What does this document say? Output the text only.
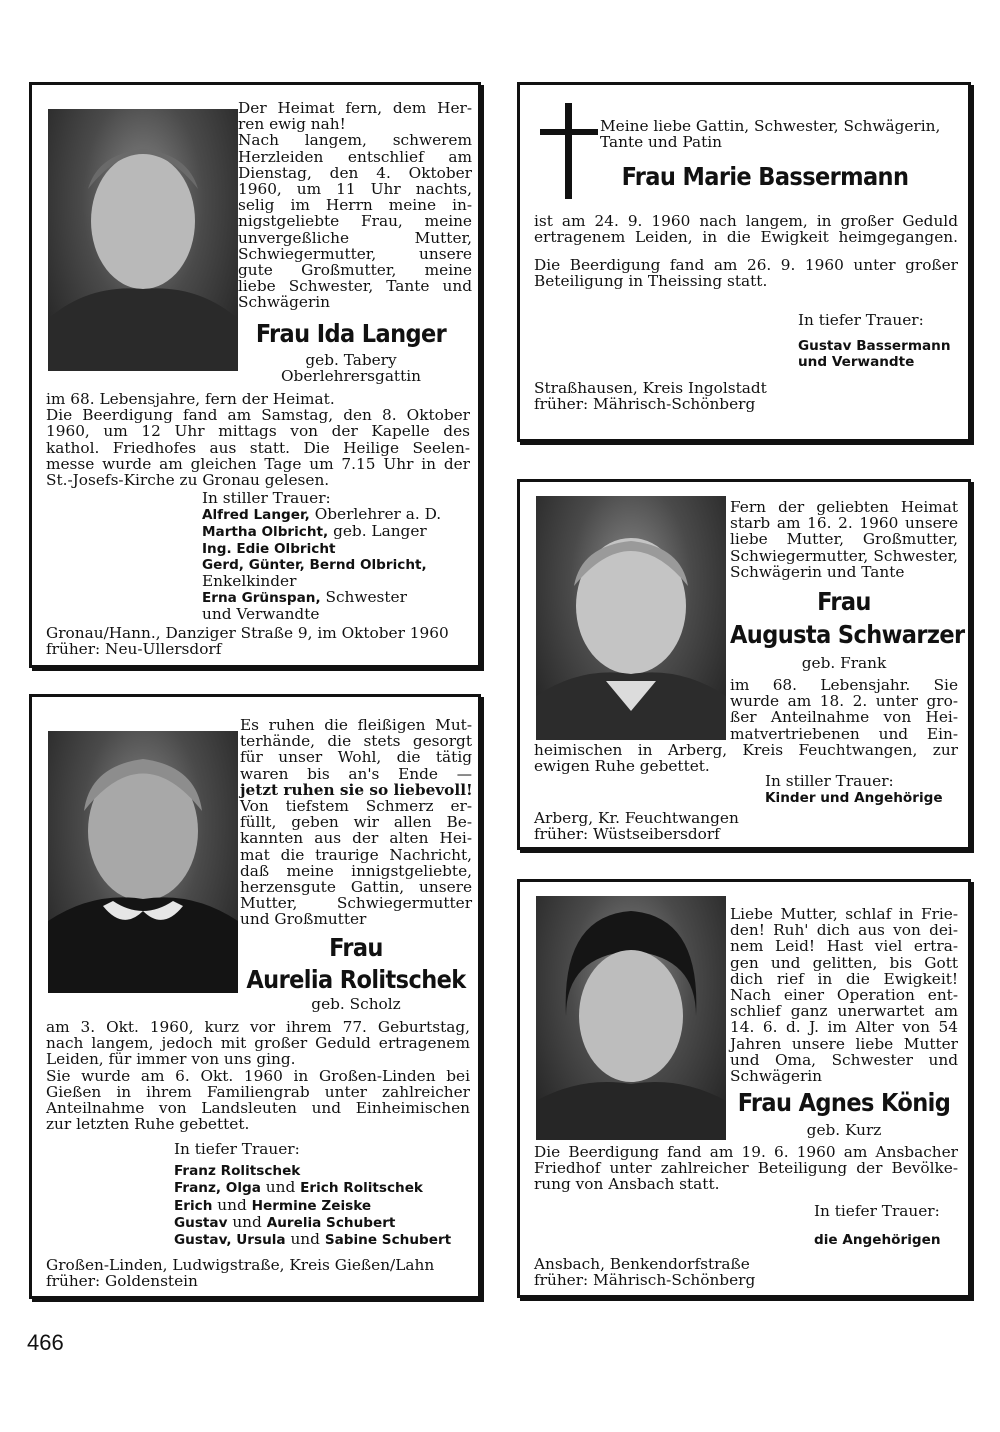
Der Heimat fern, dem Her-
ren ewig nah!
Nach langem, schwerem
Herzleiden entschlief am
Dienstag, den 4. Oktober
1960, um 11 Uhr nachts,
selig im Herrn meine in-
nigstgeliebte Frau, meine
unvergeßliche Mutter,
Schwiegermutter, unsere
gute Großmutter, meine
liebe Schwester, Tante und
Schwägerin
Frau Ida Langer
geb. Tabery
Oberlehrersgattin
im 68. Lebensjahre, fern der Heimat.
Die Beerdigung fand am Samstag, den 8. Oktober
1960, um 12 Uhr mittags von der Kapelle des
kathol. Friedhofes aus statt. Die Heilige Seelen-
messe wurde am gleichen Tage um 7.15 Uhr in der
St.-Josefs-Kirche zu Gronau gelesen.
In stiller Trauer:
Alfred Langer, Oberlehrer a. D.
Martha Olbricht, geb. Langer
Ing. Edie Olbricht
Gerd, Günter, Bernd Olbricht,
Enkelkinder
Erna Grünspan, Schwester
und Verwandte
Gronau/Hann., Danziger Straße 9, im Oktober 1960
früher: Neu-Ullersdorf
Meine liebe Gattin, Schwester, Schwägerin,
Tante und Patin
Frau Marie Bassermann
ist am 24. 9. 1960 nach langem, in großer Geduld
ertragenem Leiden, in die Ewigkeit heimgegangen.
Die Beerdigung fand am 26. 9. 1960 unter großer
Beteiligung in Theissing statt.
In tiefer Trauer:
Gustav Bassermann
und Verwandte
Straßhausen, Kreis Ingolstadt
früher: Mährisch-Schönberg
Fern der geliebten Heimat
starb am 16. 2. 1960 unsere
liebe Mutter, Großmutter,
Schwiegermutter, Schwester,
Schwägerin und Tante
Frau
Augusta Schwarzer
geb. Frank
im 68. Lebensjahr. Sie
wurde am 18. 2. unter gro-
ßer Anteilnahme von Hei-
matvertriebenen und Ein-
heimischen in Arberg, Kreis Feuchtwangen, zur
ewigen Ruhe gebettet.
In stiller Trauer:
Kinder und Angehörige
Arberg, Kr. Feuchtwangen
früher: Wüstseibersdorf
Es ruhen die fleißigen Mut-
terhände, die stets gesorgt
für unser Wohl, die tätig
waren bis an's Ende —
jetzt ruhen sie so liebevoll!
Von tiefstem Schmerz er-
füllt, geben wir allen Be-
kannten aus der alten Hei-
mat die traurige Nachricht,
daß meine innigstgeliebte,
herzensgute Gattin, unsere
Mutter, Schwiegermutter
und Großmutter
Frau
Aurelia Rolitschek
geb. Scholz
am 3. Okt. 1960, kurz vor ihrem 77. Geburtstag,
nach langem, jedoch mit großer Geduld ertragenem
Leiden, für immer von uns ging.
Sie wurde am 6. Okt. 1960 in Großen-Linden bei
Gießen in ihrem Familiengrab unter zahlreicher
Anteilnahme von Landsleuten und Einheimischen
zur letzten Ruhe gebettet.
In tiefer Trauer:
Franz Rolitschek
Franz, Olga und Erich Rolitschek
Erich und Hermine Zeiske
Gustav und Aurelia Schubert
Gustav, Ursula und Sabine Schubert
Großen-Linden, Ludwigstraße, Kreis Gießen/Lahn
früher: Goldenstein
Liebe Mutter, schlaf in Frie-
den! Ruh' dich aus von dei-
nem Leid! Hast viel ertra-
gen und gelitten, bis Gott
dich rief in die Ewigkeit!
Nach einer Operation ent-
schlief ganz unerwartet am
14. 6. d. J. im Alter von 54
Jahren unsere liebe Mutter
und Oma, Schwester und
Schwägerin
Frau Agnes König
geb. Kurz
Die Beerdigung fand am 19. 6. 1960 am Ansbacher
Friedhof unter zahlreicher Beteiligung der Bevölke-
rung von Ansbach statt.
In tiefer Trauer:
die Angehörigen
Ansbach, Benkendorfstraße
früher: Mährisch-Schönberg
466
